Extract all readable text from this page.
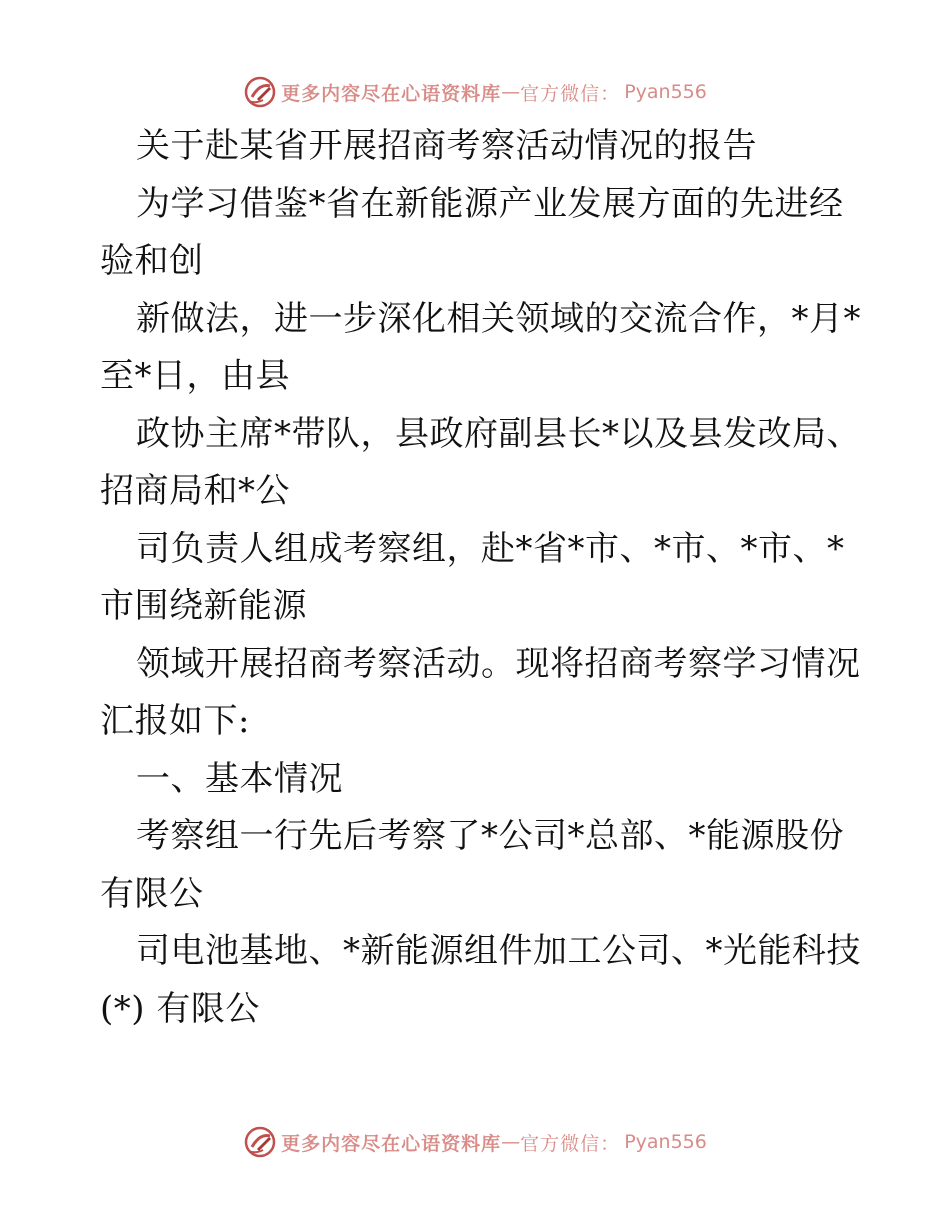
更多内容尽在心语资料库 — 官方微信： Pyan556
关于赴某省开展招商考察活动情况的报告
为学习借鉴*省在新能源产业发展方面的先进经
验和创
新做法，进一步深化相关领域的交流合作，*月*
至*日，由县
政协主席*带队，县政府副县长*以及县发改局、
招商局和*公
司负责人组成考察组，赴*省*市、*市、*市、*
市围绕新能源
领域开展招商考察活动。现将招商考察学习情况
汇报如下:
一、基本情况
考察组一行先后考察了*公司*总部、*能源股份
有限公
司电池基地、*新能源组件加工公司、*光能科技
(*) 有限公
更多内容尽在心语资料库 — 官方微信： Pyan556
